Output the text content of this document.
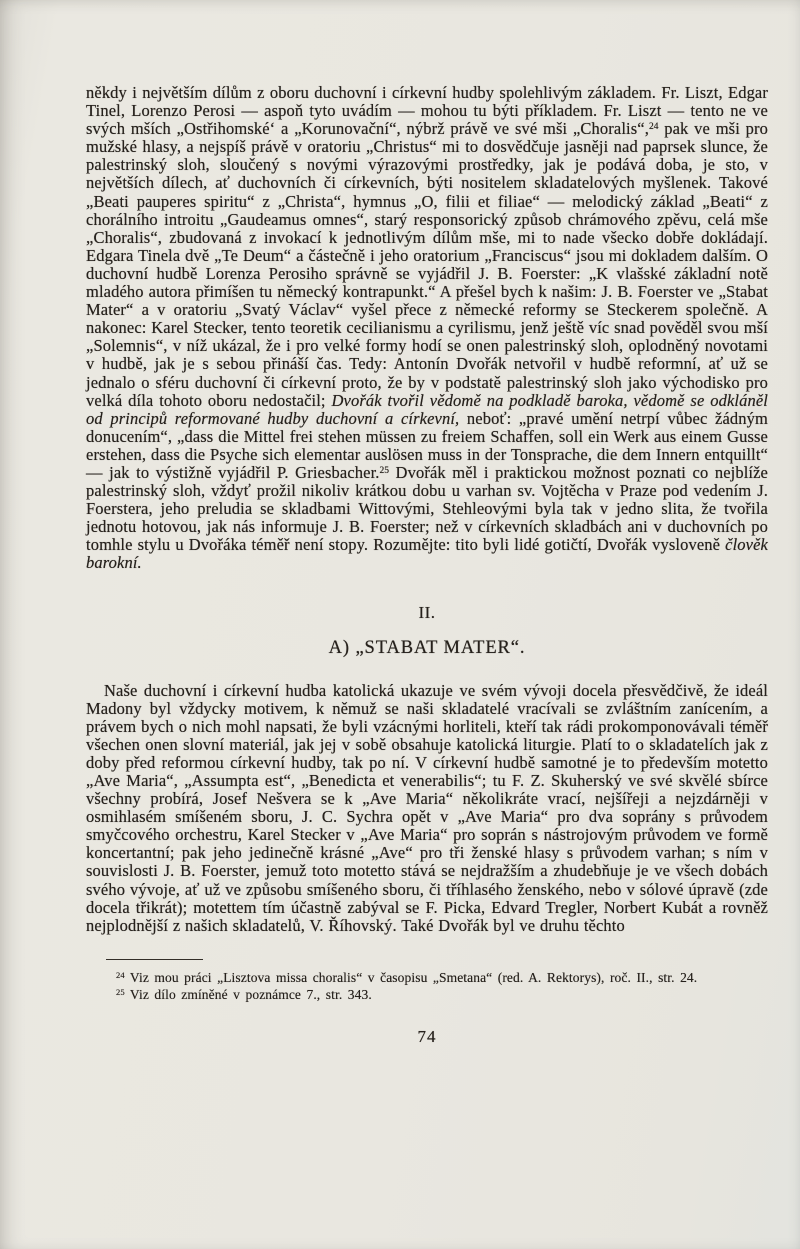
někdy i největším dílům z oboru duchovní i církevní hudby spolehlivým základem. Fr. Liszt, Edgar Tinel, Lorenzo Perosi — aspoň tyto uvádím — mohou tu býti příkladem. Fr. Liszt — tento ne ve svých mších „Ostřihomské‘ a „Korunovační“, nýbrž právě ve své mši „Choralis“,$^{24}$ pak ve mši pro mužské hlasy, a nejspíš právě v oratoriu „Christus“ mi to dosvědčuje jasněji nad paprsek slunce, že palestrinský sloh, sloučený s novými výrazovými prostředky, jak je podává doba, je sto, v největších dílech, ať duchovních či církevních, býti nositelem skladatelových myšlenek. Takové „Beati pauperes spiritu“ z „Christa“, hymnus „O, filii et filiae“ — melodický základ „Beati“ z chorálního introitu „Gaudeamus omnes“, starý responsorický způsob chrámového zpěvu, celá mše „Choralis“, zbudovaná z invokací k jednotlivým dílům mše, mi to nade všecko dobře dokládají. Edgara Tinela dvě „Te Deum“ a částečně i jeho oratorium „Franciscus“ jsou mi dokladem dalším. O duchovní hudbě Lorenza Perosiho správně se vyjádřil J. B. Foerster: „K vlašské základní notě mladého autora přimíšen tu německý kontrapunkt.“ A přešel bych k našim: J. B. Foerster ve „Stabat Mater“ a v oratoriu „Svatý Václav“ vyšel přece z německé reformy se Steckerem společně. A nakonec: Karel Stecker, tento teoretik cecilianismu a cyrilismu, jenž ještě víc snad pověděl svou mší „Solemnis“, v níž ukázal, že i pro velké formy hodí se onen palestrinský sloh, oplodněný novotami v hudbě, jak je s sebou přináší čas. Tedy: Antonín Dvořák netvořil v hudbě reformní, ať už se jednalo o sféru duchovní či církevní proto, že by v podstatě palestrinský sloh jako východisko pro velká díla tohoto oboru nedostačil; Dvořák tvořil vědomě na podkladě baroka, vědomě se odkláněl od principů reformované hudby duchovní a církevní, neboť: „pravé umění netrpí vůbec žádným donucením“, „dass die Mittel frei stehen müssen zu freiem Schaffen, soll ein Werk aus einem Gusse erstehen, dass die Psyche sich elementar auslösen muss in der Tonsprache, die dem Innern entquillt“ — jak to výstižně vyjádřil P. Griesbacher.$^{25}$ Dvořák měl i praktickou možnost poznati co nejblíže palestrinský sloh, vždyť prožil nikoliv krátkou dobu u varhan sv. Vojtěcha v Praze pod vedením J. Foerstera, jeho preludia se skladbami Wittovými, Stehleovými byla tak v jedno slita, že tvořila jednotu hotovou, jak nás informuje J. B. Foerster; než v církevních skladbách ani v duchovních po tomhle stylu u Dvořáka téměř není stopy. Rozumějte: tito byli lidé gotičtí, Dvořák vysloveně člověk barokní.

II.
A) „STABAT MATER“.

Naše duchovní i církevní hudba katolická ukazuje ve svém vývoji docela přesvědčivě, že ideál Madony byl vždycky motivem, k němuž se naši skladatelé vracívali se zvláštním zanícením, a právem bych o nich mohl napsati, že byli vzácnými horliteli, kteří tak rádi prokomponovávali téměř všechen onen slovní materiál, jak jej v sobě obsahuje katolická liturgie. Platí to o skladatelích jak z doby před reformou církevní hudby, tak po ní. V církevní hudbě samotné je to především motetto „Ave Maria“, „Assumpta est“, „Benedicta et venerabilis“; tu F. Z. Skuherský ve své skvělé sbírce všechny probírá, Josef Nešvera se k „Ave Maria“ několikráte vrací, nejšířeji a nejzdárněji v osmihlasém smíšeném sboru, J. C. Sychra opět v „Ave Maria“ pro dva soprány s průvodem smyčcového orchestru, Karel Stecker v „Ave Maria“ pro soprán s nástrojovým průvodem ve formě koncertantní; pak jeho jedinečně krásné „Ave“ pro tři ženské hlasy s průvodem varhan; s ním v souvislosti J. B. Foerster, jemuž toto motetto stává se nejdražším a zhudebňuje je ve všech dobách svého vývoje, ať už ve způsobu smíšeného sboru, či tříhlasého ženského, nebo v sólové úpravě (zde docela třikrát); motettem tím účastně zabýval se F. Picka, Edvard Tregler, Norbert Kubát a rovněž nejplodnější z našich skladatelů, V. Říhovský. Také Dvořák byl ve druhu těchto

$^{24}$ Viz mou práci „Lisztova missa choralis“ v časopisu „Smetana“ (red. A. Rektorys), roč. II., str. 24.

$^{25}$ Viz dílo zmíněné v poznámce 7., str. 343.

74
